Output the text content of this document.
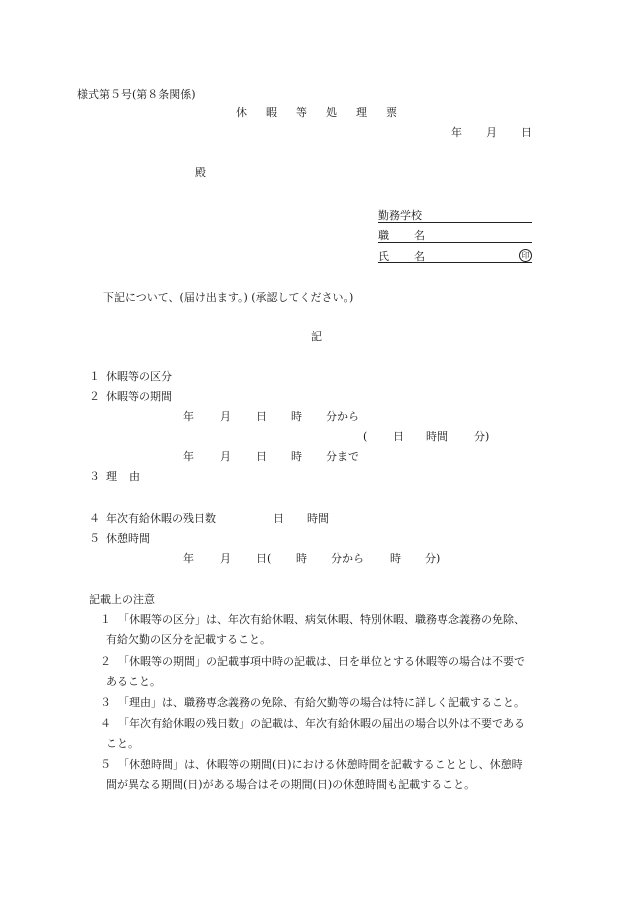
様式第５号(第８条関係)
休 暇 等 処 理 票
年 月 日
殿
勤務学校
職 名
氏 名	印
下記について、(届け出ます。) (承認してください。)
記
１ 休暇等の区分
２ 休暇等の期間
年 月 日 時 分から
( 日 時間 分)
年 月 日 時 分まで
３ 理 由
４ 年次有給休暇の残日数	日 時間
５ 休憩時間
年 月 日( 時 分から 時 分)
記載上の注意
１ 「休暇等の区分」は、年次有給休暇、病気休暇、特別休暇、職務専念義務の免除、
有給欠勤の区分を記載すること。
２ 「休暇等の期間」の記載事項中時の記載は、日を単位とする休暇等の場合は不要で
あること。
３ 「理由」は、職務専念義務の免除、有給欠勤等の場合は特に詳しく記載すること。
４ 「年次有給休暇の残日数」の記載は、年次有給休暇の届出の場合以外は不要である
こと。
５ 「休憩時間」は、休暇等の期間(日)における休憩時間を記載することとし、休憩時
間が異なる期間(日)がある場合はその期間(日)の休憩時間も記載すること。
